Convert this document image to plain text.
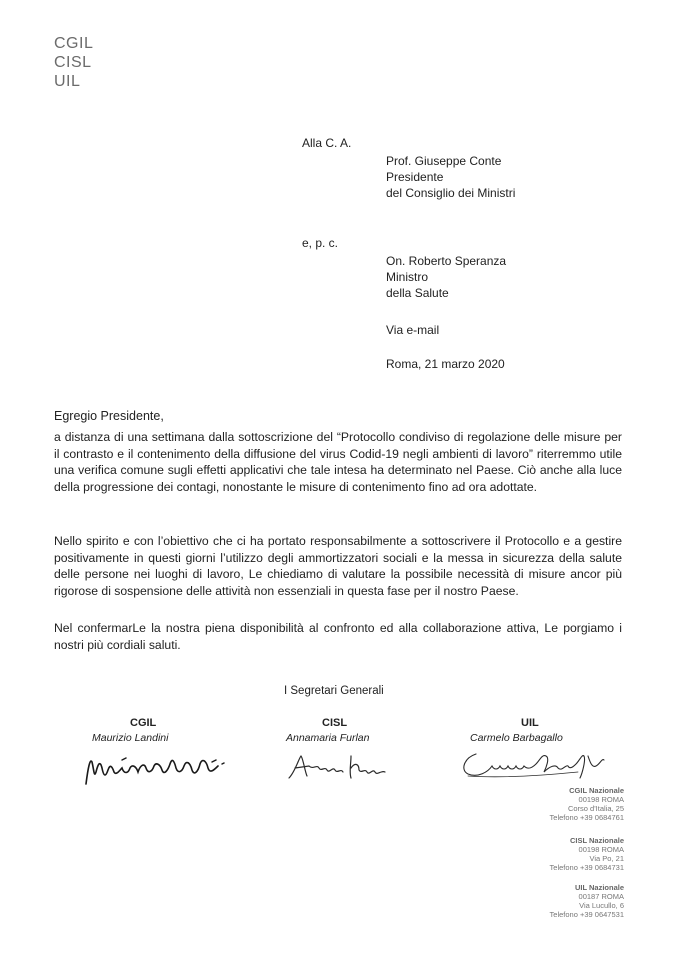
CGIL
CISL
UIL
Alla C. A.
Prof. Giuseppe Conte
Presidente
del Consiglio dei Ministri
e, p. c.
On. Roberto Speranza
Ministro
della Salute
Via e-mail
Roma, 21 marzo 2020
Egregio Presidente,
a distanza di una settimana dalla sottoscrizione del “Protocollo condiviso di regolazione delle misure per il contrasto e il contenimento della diffusione del virus Codid-19 negli ambienti di lavoro” riterremmo utile una verifica comune sugli effetti applicativi che tale intesa ha determinato nel Paese. Ciò anche alla luce della progressione dei contagi, nonostante le misure di contenimento fino ad ora adottate.
Nello spirito e con l’obiettivo che ci ha portato responsabilmente a sottoscrivere il Protocollo e a gestire positivamente in questi giorni l’utilizzo degli ammortizzatori sociali e la messa in sicurezza della salute delle persone nei luoghi di lavoro, Le chiediamo di valutare la possibile necessità di misure ancor più rigorose di sospensione delle attività non essenziali in questa fase per il nostro Paese.
Nel confermarLe la nostra piena disponibilità al confronto ed alla collaborazione attiva, Le porgiamo i nostri più cordiali saluti.
I Segretari Generali
CGIL	CISL	UIL
Maurizio Landini	Annamaria Furlan	Carmelo Barbagallo
CGIL Nazionale
00198 ROMA
Corso d'Italia, 25
Telefono +39 0684761
CISL Nazionale
00198 ROMA
Via Po, 21
Telefono +39 0684731
UIL Nazionale
00187 ROMA
Via Lucullo, 6
Telefono +39 0647531
